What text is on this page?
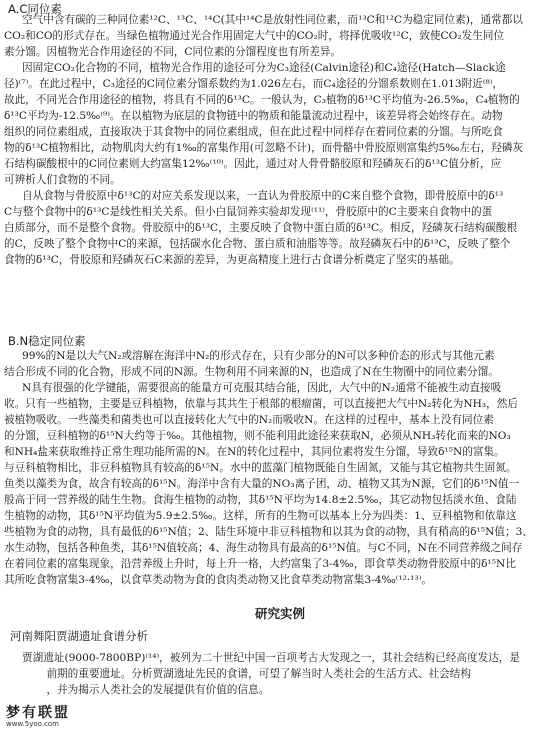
A.C同位素
空气中含有碳的三种同位素¹²C、¹³C、¹⁴C(其中¹⁴C是放射性同位素，而¹³C和¹²C为稳定同位素)，通常都以
CO₂和CO的形式存在。当绿色植物通过光合作用固定大气中的CO₂时，将择优吸收¹²C，致使CO₂发生同位
素分馏。因植物光合作用途径的不同，C同位素的分馏程度也有所差异。
因固定CO₂化合物的不同，植物光合作用的途径可分为C₃途径(Calvin途径)和C₄途径(Hatch—Slack途
径)⁽⁷⁾。在此过程中，C₃途径的C同位素分馏系数约为1.026左右，而C₄途径的分馏系数则在1.013附近⁽⁸⁾，
故此，不同光合作用途径的植物，将具有不同的δ¹³C。一般认为，C₃植物的δ¹³C平均值为-26.5‰，C₄植物的
δ¹³C平均为-12.5‰⁽⁹⁾。在以植物为底层的食物链中的物质和能量流动过程中，该差异将会始终存在。动物
组织的同位素组成，直接取决于其食物中的同位素组成，但在此过程中同样存在着同位素的分馏。与所吃食
物的δ¹³C植物相比，动物肌肉大约有1‰的富集作用(可忽略不计)，而骨骼中骨胶原则富集约5‰左右，羟磷灰
石结构碳酸根中的C同位素则大约富集12‰⁽¹⁰⁾。因此，通过对人骨骨骼胶原和羟磷灰石的δ¹³C值分析，应
可辨析人们食物的不同。
自从食物与骨胶原中δ¹³C的对应关系发现以来，一直认为骨胶原中的C来自整个食物，即骨胶原中的δ¹³
C与整个食物中的δ¹³C是线性相关关系。但小白鼠饲养实验却发现⁽¹¹⁾，骨胶原中的C主要来自食物中的蛋
白质部分，而不是整个食物。骨胶原中的δ¹³C，主要反映了食物中蛋白质的δ¹³C。相反，羟磷灰石结构碳酸根
的C，反映了整个食物中C的来源，包括碳水化合物、蛋白质和油脂等等。故羟磷灰石中的δ¹³C，反映了整个
食物的δ¹³C，骨胶原和羟磷灰石C来源的差异，为更高精度上进行古食谱分析奠定了坚实的基础。
B.N稳定同位素
99%的N是以大气N₂或溶解在海洋中N₂的形式存在，只有少部分的N可以多种价态的形式与其他元素
结合形成不同的化合物，形成不同的N源。生物利用不同来源的N，也造成了N在生物圈中的同位素分馏。
N具有很强的化学键能，需要很高的能量方可克服其结合能，因此，大气中的N₂通常不能被生动直接吸
收。只有一些植物，主要是豆科植物，依靠与其共生于根部的根瘤菌，可以直接把大气中N₂转化为NH₃，然后
被植物吸收。一些藻类和菌类也可以直接转化大气中的N₂而吸收N。在这样的过程中，基本上没有同位素
的分馏，豆科植物的δ¹⁵N大约等于‰。其他植物，则不能利用此途径来获取N，必须从NH₃转化而来的NO₃
和NH₄盐来获取维持正常生理功能所需的N。在N的转化过程中，其同位素将发生分馏，导致δ¹⁵N的富集。
与豆科植物相比，非豆科植物具有较高的δ¹⁵N。水中的蓝藻门植物既能自生固氮，又能与其它植物共生固氮。
鱼类以藻类为食，故含有较高的δ¹⁵N。海洋中含有大量的NO₃离子团，动、植物又其为N源，它们的δ¹⁵N值一
般高于同一营养级的陆生生物。食海生植物的动物，其δ¹⁵N平均为14.8±2.5‰，其它动物包括淡水鱼、食陆
生植物的动物，其δ¹⁵N平均值为5.9±2.5‰。这样，所有的生物可以基本上分为四类：1、豆科植物和依靠这
些植物为食的动物，具有最低的δ¹⁵N值；2、陆生环境中非豆科植物和以其为食的动物，具有稍高的δ¹⁵N值；3、
水生动物，包括各种鱼类，其δ¹⁵N值较高；4、海生动物具有最高的δ¹⁵N值。与C不同，N在不同营养级之间存
在着同位素的富集现象，沿营养级上升时，每上升一格，大约富集了3-4‰，即食草类动物骨胶原中的δ¹⁵N比
其所吃食物富集3-4‰，以食草类动物为食的食肉类动物又比食草类动物富集3-4‰⁽¹²·¹³⁾。
研究实例
河南舞阳贾湖遗址食谱分析
贾湖遗址(9000-7800BP)⁽¹⁴⁾，被列为二十世纪中国一百项考古大发现之一，其社会结构已经高度发达，是
　　　　前期的重要遗址。分析贾湖遗址先民的食谱，可望了解当时人类社会的生活方式、社会结构
　　　　，并为揭示人类社会的发展提供有价值的信息。
梦有联盟
www.5yoo.com
